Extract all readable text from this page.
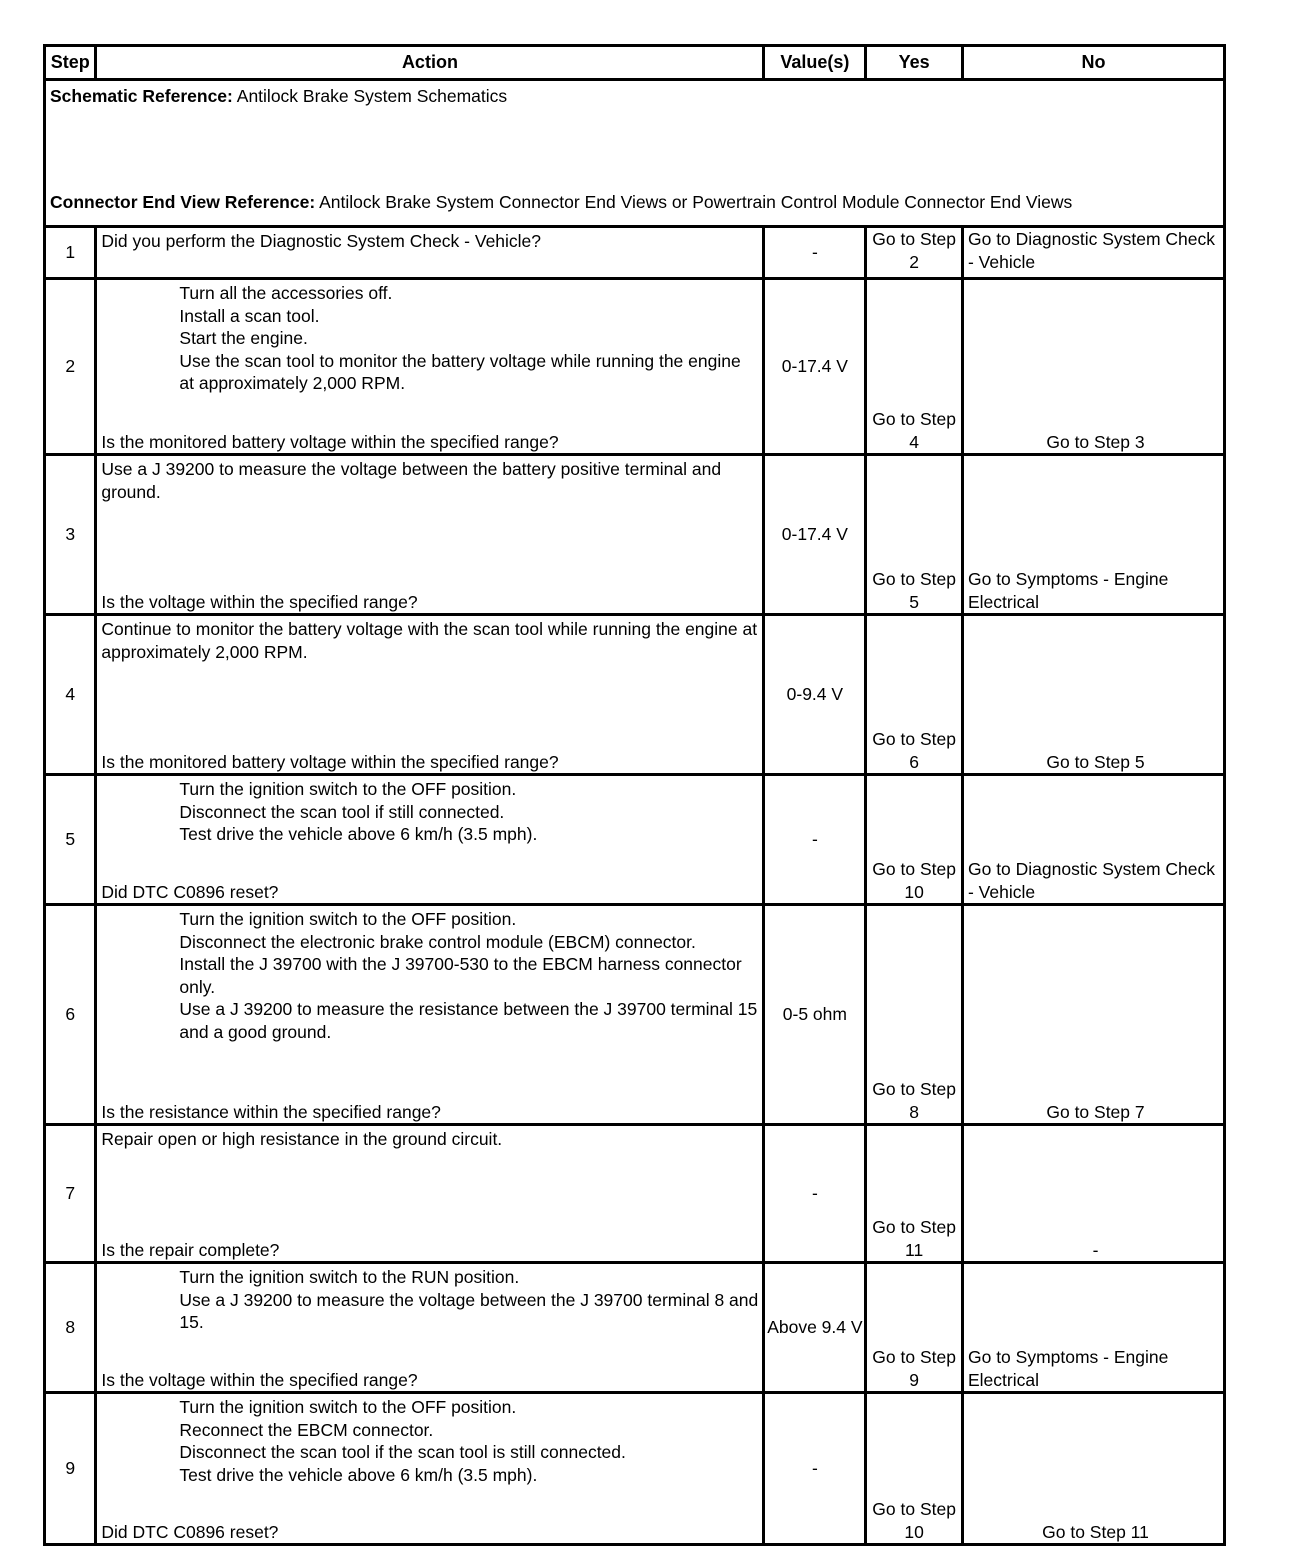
Step	Action	Value(s)	Yes	No

Schematic Reference: Antilock Brake System Schematics
Connector End View Reference: Antilock Brake System Connector End Views or Powertrain Control Module Connector End Views				

1	Did you perform the Diagnostic System Check - Vehicle?	-	Go to Step 2	Go to Diagnostic System Check - Vehicle
2	Turn all the accessories off.
Install a scan tool.
Start the engine.
Use the scan tool to monitor the battery voltage while running the engine at approximately 2,000 RPM.
Is the monitored battery voltage within the specified range?	0-17.4 V	Go to Step 4	Go to Step 3
3	Use a J 39200 to measure the voltage between the battery positive terminal and ground.
Is the voltage within the specified range?	0-17.4 V	Go to Step 5	Go to Symptoms - Engine Electrical
4	Continue to monitor the battery voltage with the scan tool while running the engine at approximately 2,000 RPM.
Is the monitored battery voltage within the specified range?	0-9.4 V	Go to Step 6	Go to Step 5
5	Turn the ignition switch to the OFF position.
Disconnect the scan tool if still connected.
Test drive the vehicle above 6 km/h (3.5 mph).
Did DTC C0896 reset?	-	Go to Step 10	Go to Diagnostic System Check - Vehicle
6	Turn the ignition switch to the OFF position.
Disconnect the electronic brake control module (EBCM) connector.
Install the J 39700 with the J 39700-530 to the EBCM harness connector only.
Use a J 39200 to measure the resistance between the J 39700 terminal 15 and a good ground.
Is the resistance within the specified range?	0-5 ohm	Go to Step 8	Go to Step 7
7	Repair open or high resistance in the ground circuit.
Is the repair complete?	-	Go to Step 11	-
8	Turn the ignition switch to the RUN position.
Use a J 39200 to measure the voltage between the J 39700 terminal 8 and 15.
Is the voltage within the specified range?	Above 9.4 V	Go to Step 9	Go to Symptoms - Engine Electrical
9	Turn the ignition switch to the OFF position.
Reconnect the EBCM connector.
Disconnect the scan tool if the scan tool is still connected.
Test drive the vehicle above 6 km/h (3.5 mph).
Did DTC C0896 reset?	-	Go to Step 10	Go to Step 11
